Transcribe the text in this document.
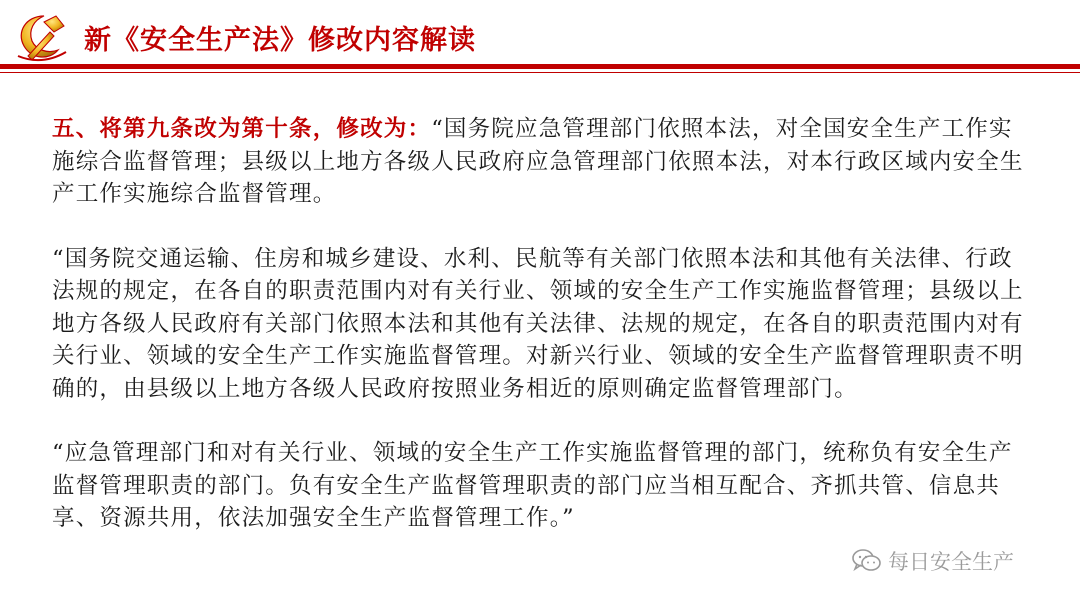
新《安全生产法》修改内容解读

五、将第九条改为第十条，修改为：“国务院应急管理部门依照本法，对全国安全生产工作实施综合监督管理；县级以上地方各级人民政府应急管理部门依照本法，对本行政区域内安全生产工作实施综合监督管理。

“国务院交通运输、住房和城乡建设、水利、民航等有关部门依照本法和其他有关法律、行政法规的规定，在各自的职责范围内对有关行业、领域的安全生产工作实施监督管理；县级以上地方各级人民政府有关部门依照本法和其他有关法律、法规的规定，在各自的职责范围内对有关行业、领域的安全生产工作实施监督管理。对新兴行业、领域的安全生产监督管理职责不明确的，由县级以上地方各级人民政府按照业务相近的原则确定监督管理部门。

“应急管理部门和对有关行业、领域的安全生产工作实施监督管理的部门，统称负有安全生产监督管理职责的部门。负有安全生产监督管理职责的部门应当相互配合、齐抓共管、信息共享、资源共用，依法加强安全生产监督管理工作。”

每日安全生产
